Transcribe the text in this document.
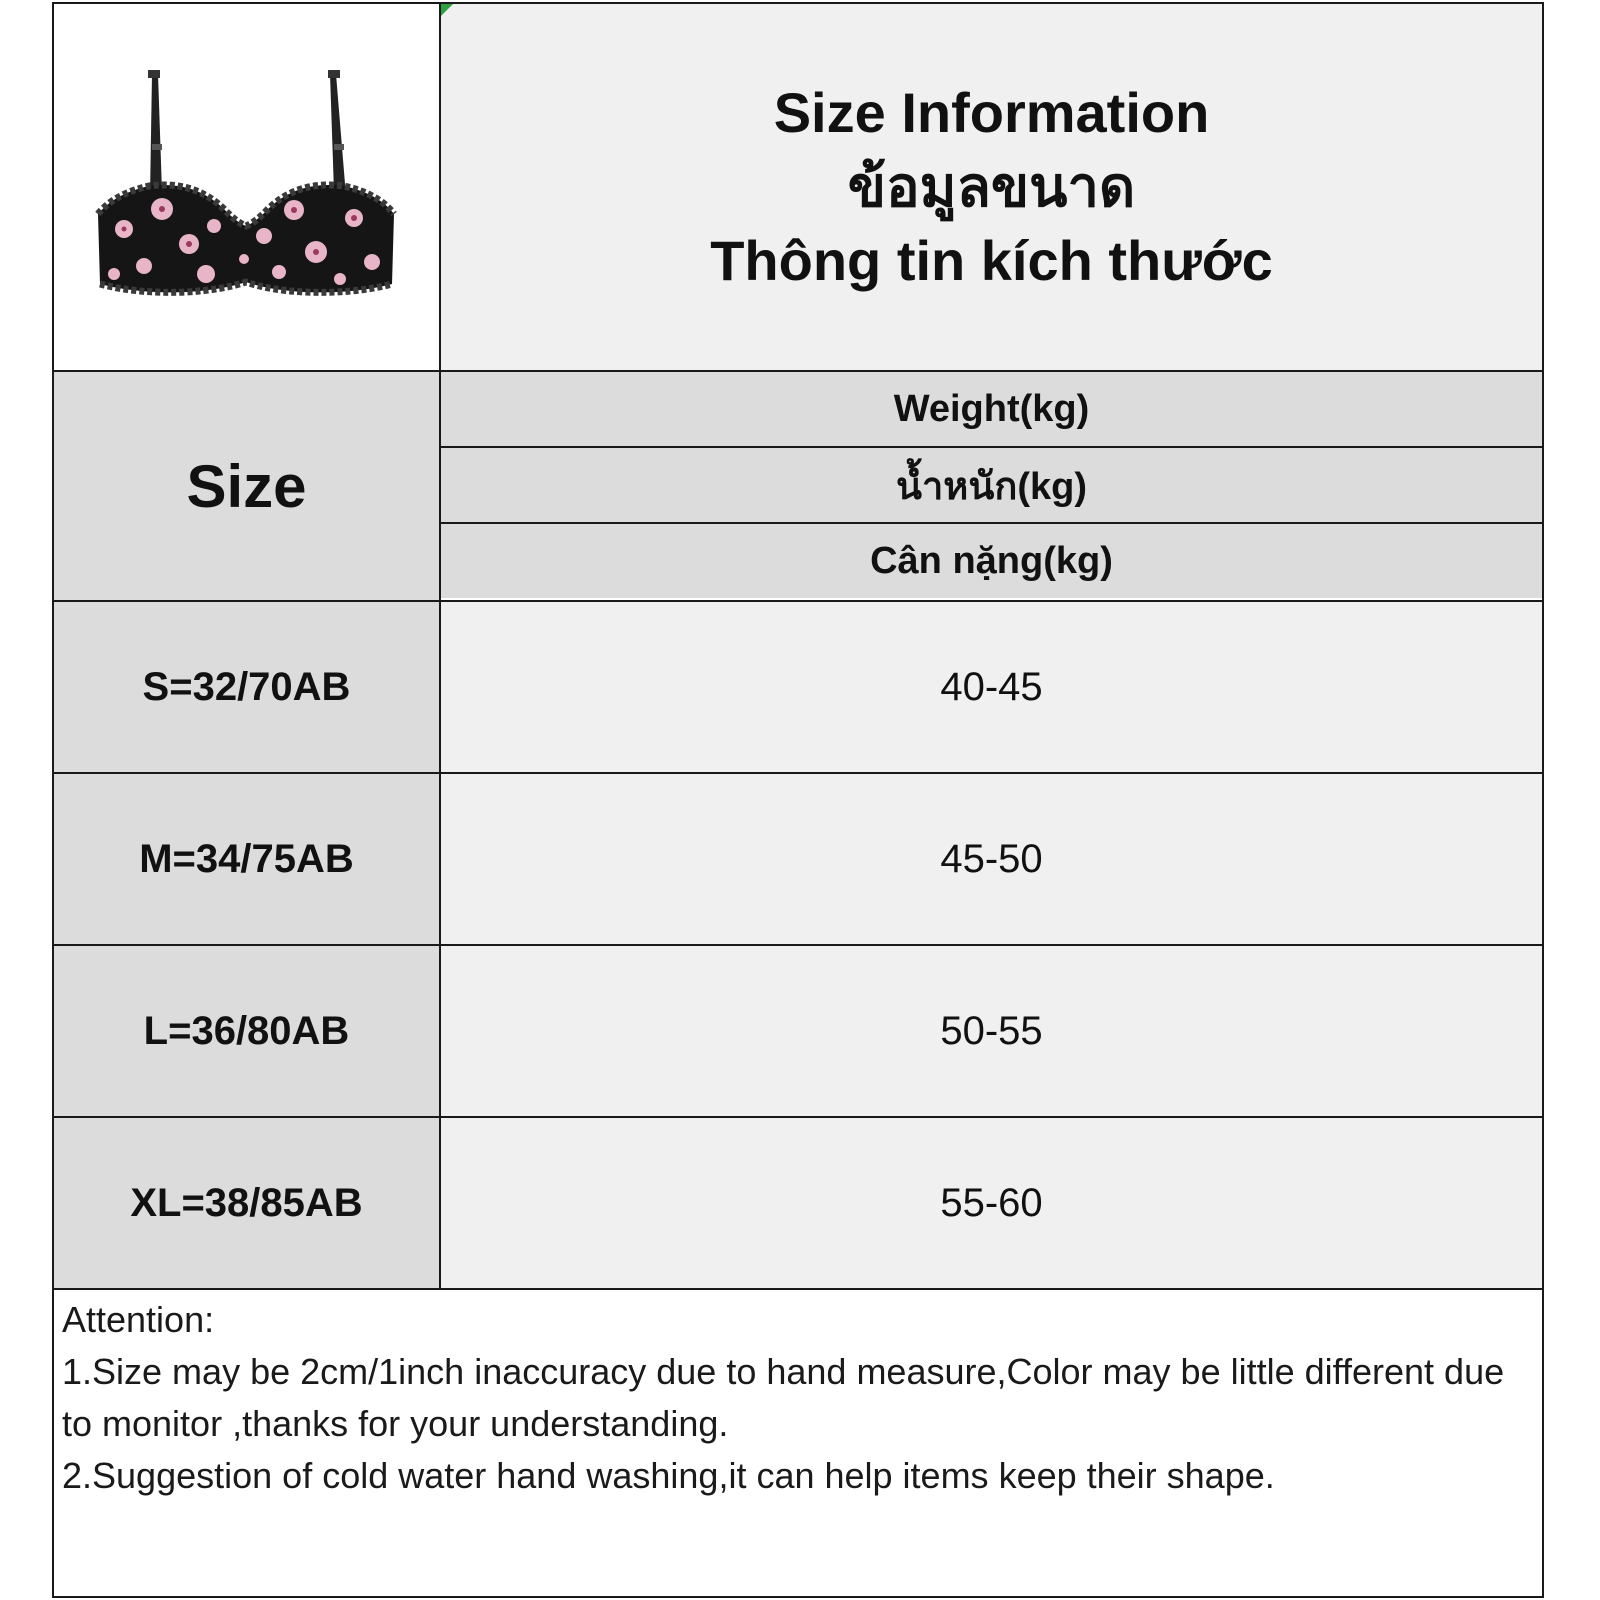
Size Information
ข้อมูลขนาด
Thông tin kích thước
Size
Weight(kg)
น้ำหนัก(kg)
Cân nặng(kg)
S=32/70AB	40-45
M=34/75AB	45-50
L=36/80AB	50-55
XL=38/85AB	55-60
Attention:
1.Size may be 2cm/1inch inaccuracy due to hand measure,Color may be little different due to monitor ,thanks for your understanding.
2.Suggestion of cold water hand washing,it can help items keep their shape.
